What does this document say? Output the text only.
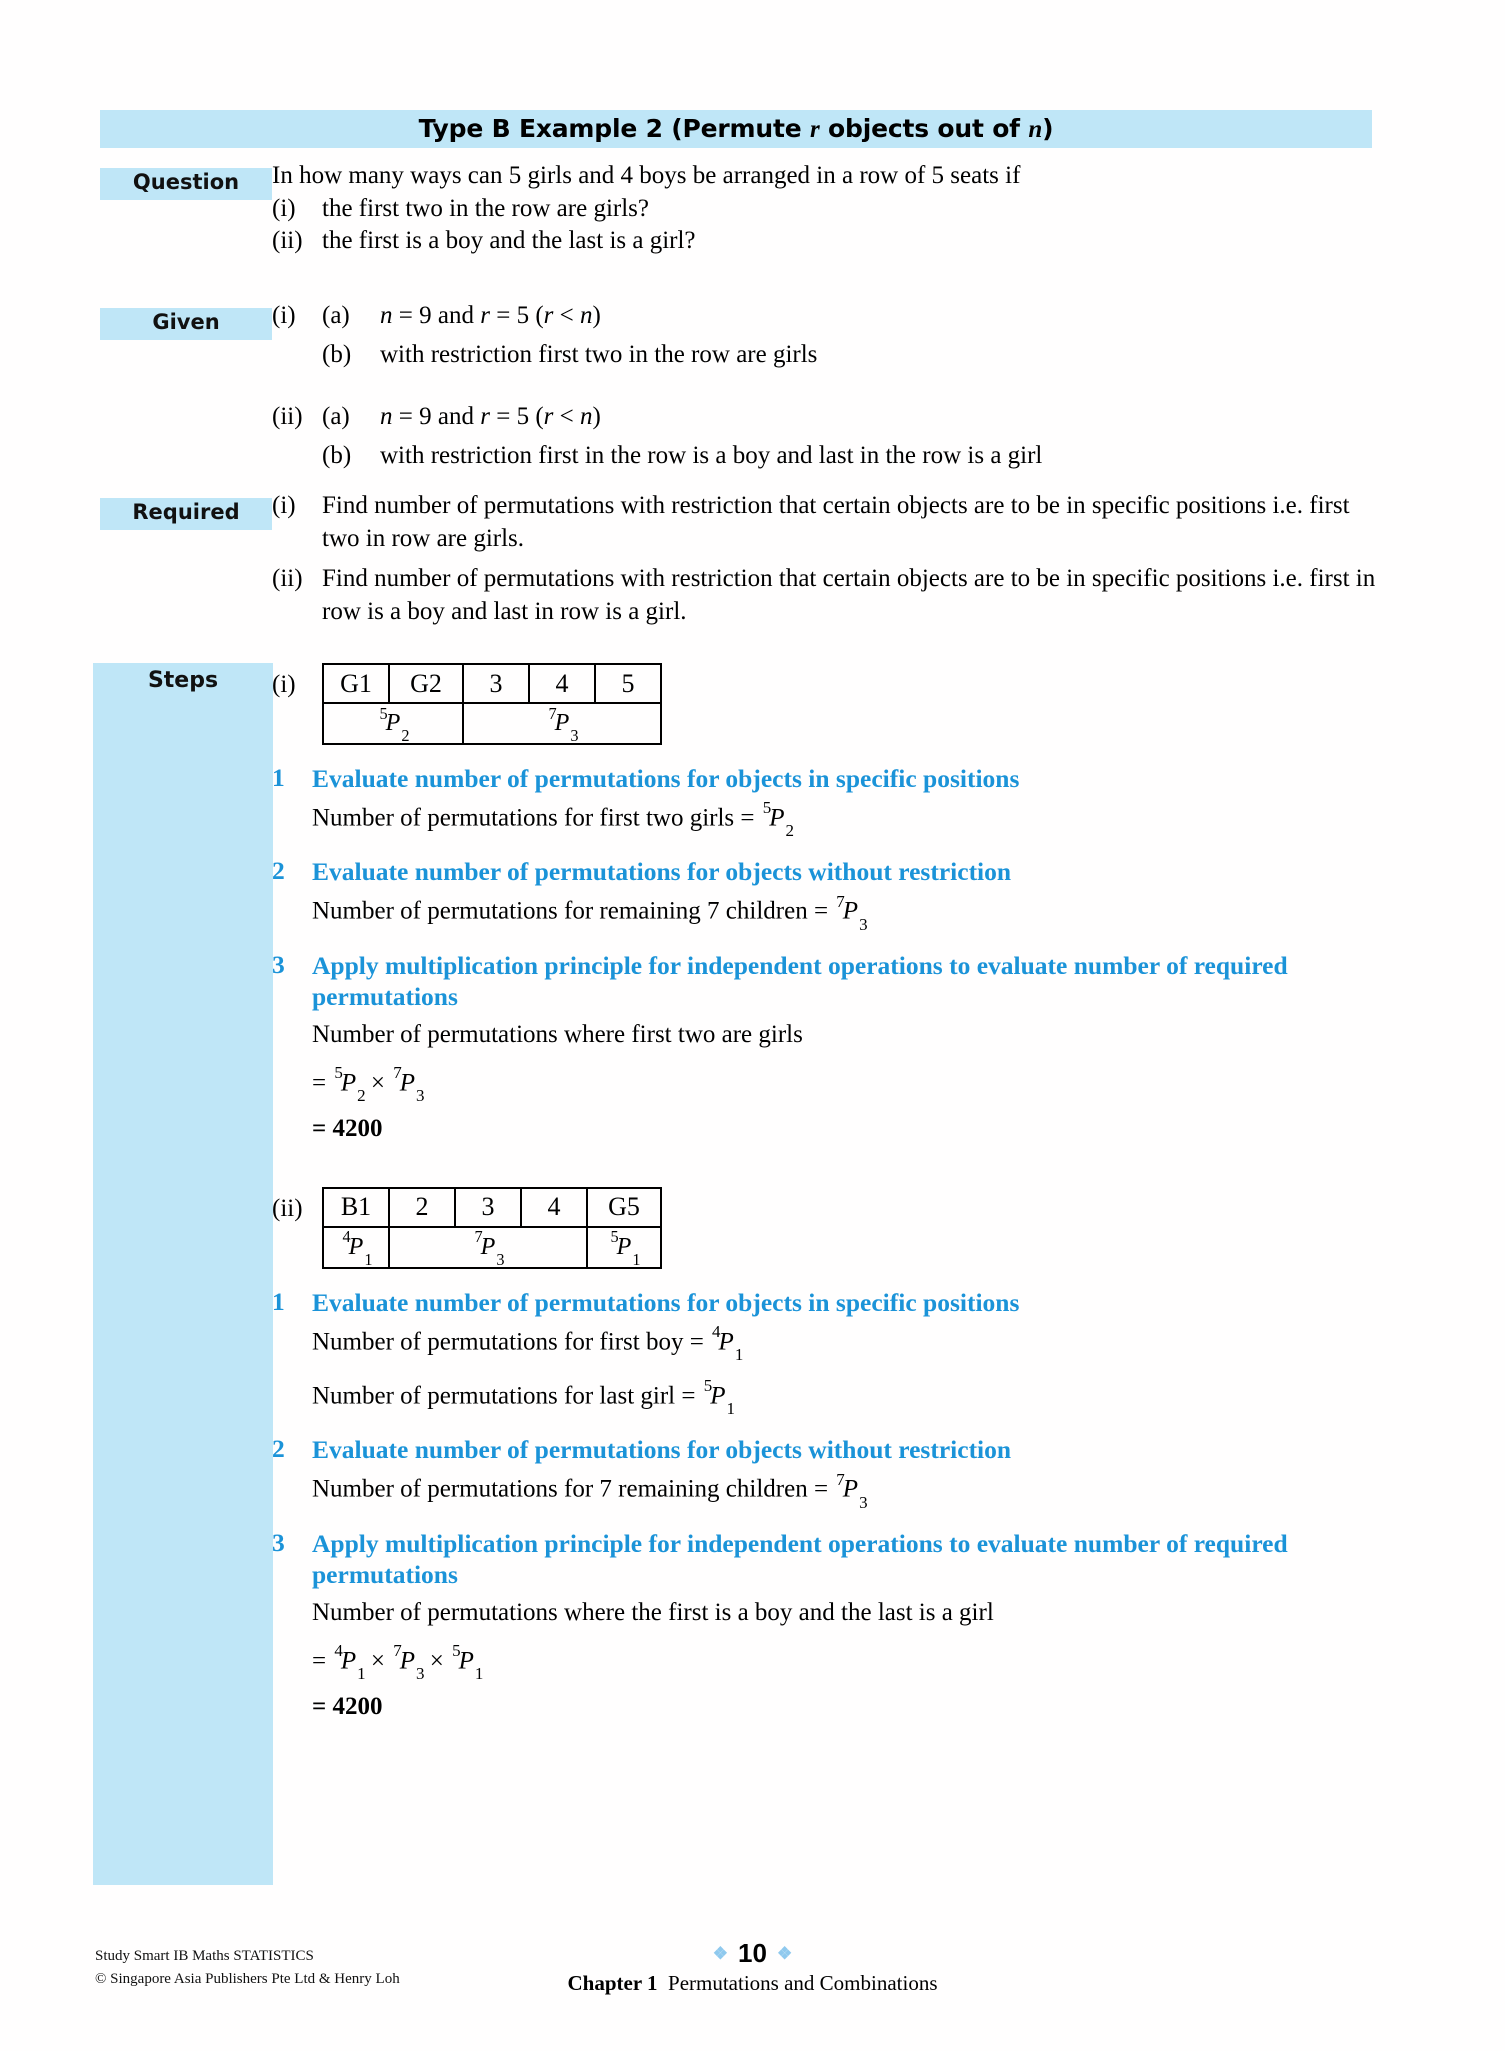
Type B Example 2 (Permute r objects out of n)
Question
Given
Required
Steps
In how many ways can 5 girls and 4 boys be arranged in a row of 5 seats if
(i)	the first two in the row are girls?
(ii) the first is a boy and the last is a girl?
(i)	(a)	n = 9 and r = 5 (r < n)
(b)	with restriction first two in the row are girls
(ii) (a)	n = 9 and r = 5 (r < n)
(b)	with restriction first in the row is a boy and last in the row is a girl
(i)	Find number of permutations with restriction that certain objects are to be in specific positions i.e. first two in row are girls.
(ii) Find number of permutations with restriction that certain objects are to be in specific positions i.e. first in row is a boy and last in row is a girl.
(i)	G1	G2	3	4	5
$^5P_2$		$^7P_3$
1	Evaluate number of permutations for objects in specific positions
Number of permutations for first two girls = $^5P_2$
2	Evaluate number of permutations for objects without restriction
Number of permutations for remaining 7 children = $^7P_3$
3	Apply multiplication principle for independent operations to evaluate number of required permutations
Number of permutations where first two are girls
= $^5P_2 \times ^7P_3$
= 4200
(ii)	B1	2	3	4	G5
$^4P_1$	$^7P_3$			$^5P_1$
1	Evaluate number of permutations for objects in specific positions
Number of permutations for first boy = $^4P_1$
Number of permutations for last girl = $^5P_1$
2	Evaluate number of permutations for objects without restriction
Number of permutations for 7 remaining children = $^7P_3$
3	Apply multiplication principle for independent operations to evaluate number of required permutations
Number of permutations where the first is a boy and the last is a girl
= $^4P_1 \times ^7P_3 \times ^5P_1$
= 4200
Study Smart IB Maths STATISTICS
© Singapore Asia Publishers Pte Ltd & Henry Loh
❖ 10 ❖
Chapter 1 Permutations and Combinations
